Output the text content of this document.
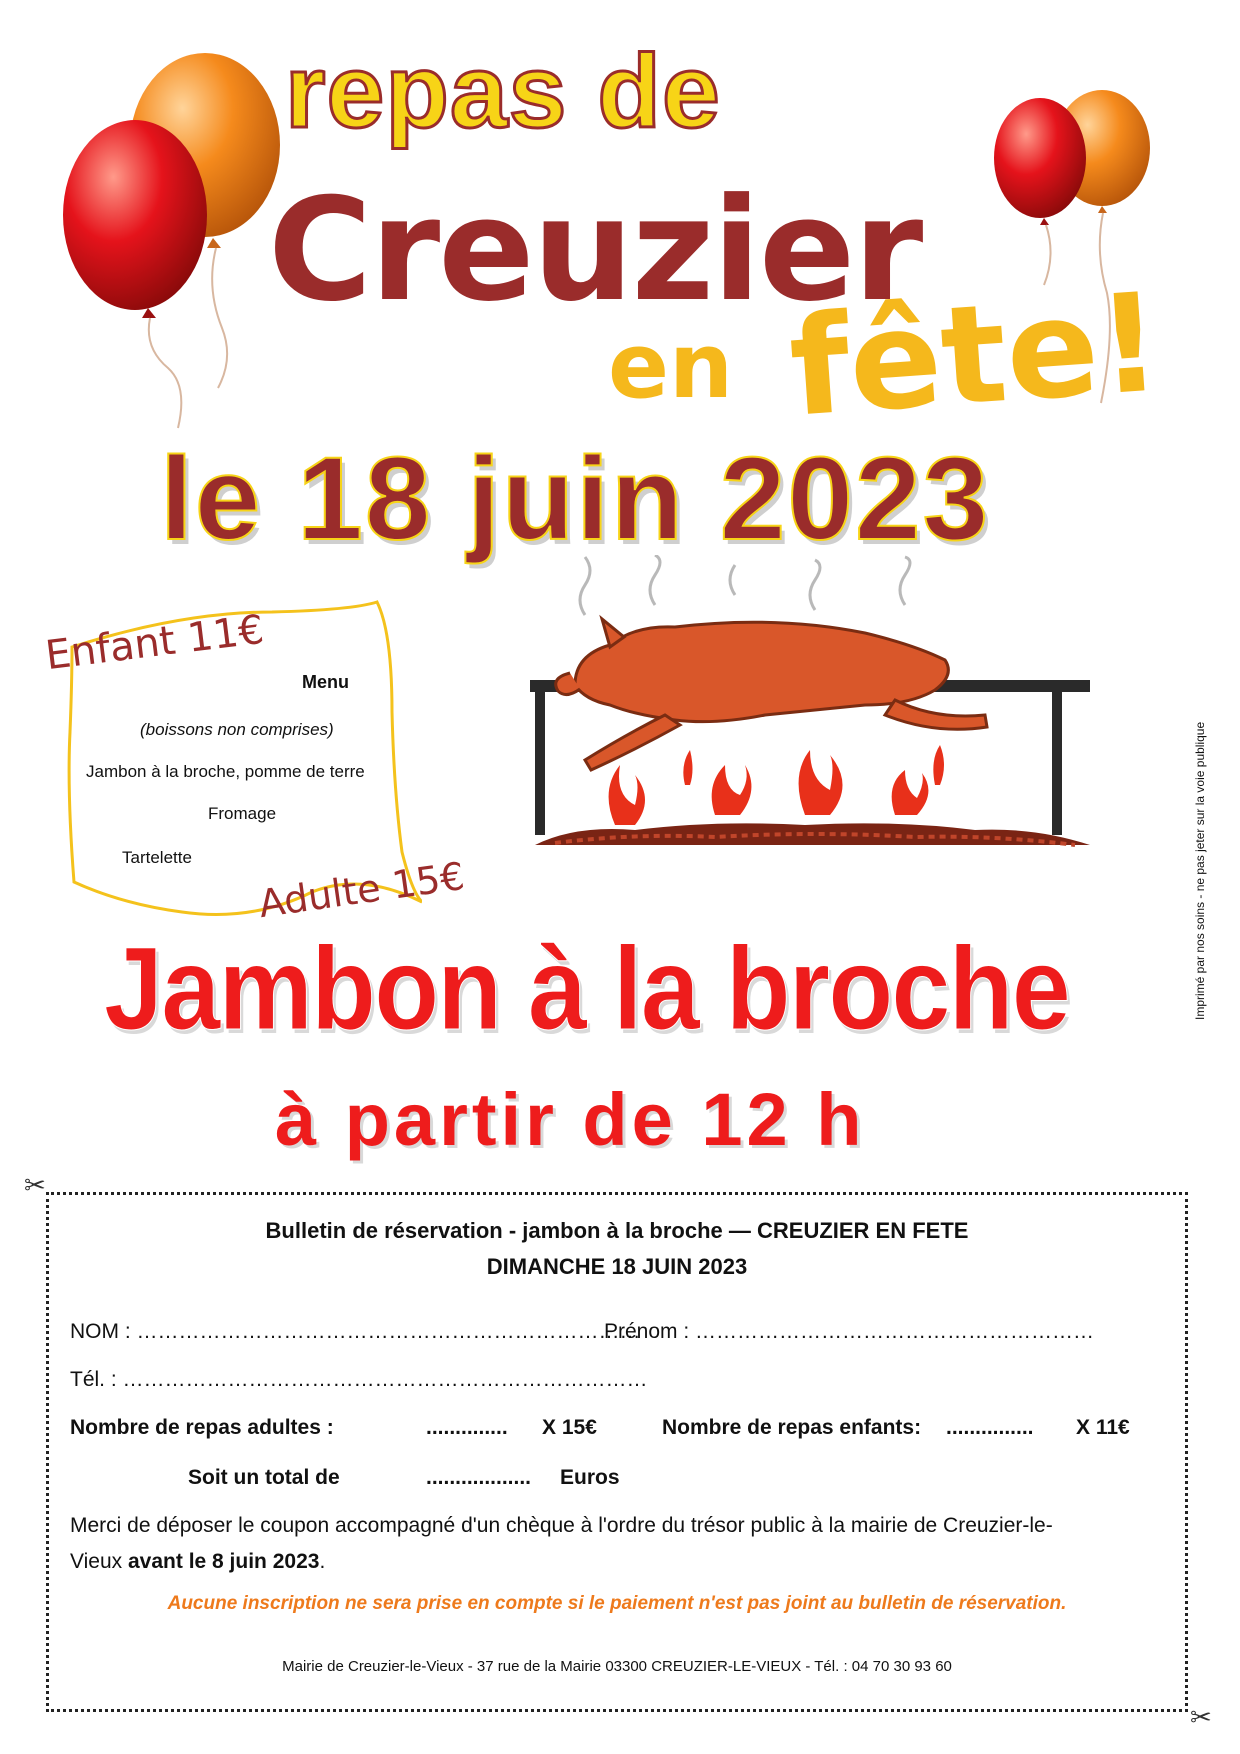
repas de
Creuzier
en fête!
le 18 juin 2023
Enfant 11€
Menu
(boissons non comprises)
Jambon à la broche, pomme de terre
Fromage
Tartelette Adulte 15€	Imprimé par nos soins - ne pas jeter sur la voie publique
Jambon à la broche
à partir de 12 h
✂
✂
Bulletin de réservation - jambon à la broche — CREUZIER EN FETE
DIMANCHE 18 JUIN 2023
NOM : ………………………………………………………………
Prénom : …………………………………………………
Tél. : …………………………………………………………………
Nombre de repas adultes :	.............. X 15€	Nombre de repas enfants: ............... X 11€
Soit un total de	.................. Euros
Merci de déposer le coupon accompagné d'un chèque à l'ordre du trésor public à la mairie de Creuzier-le-
Vieux avant le 8 juin 2023.
Aucune inscription ne sera prise en compte si le paiement n'est pas joint au bulletin de réservation.
Mairie de Creuzier-le-Vieux - 37 rue de la Mairie 03300 CREUZIER-LE-VIEUX - Tél. : 04 70 30 93 60
